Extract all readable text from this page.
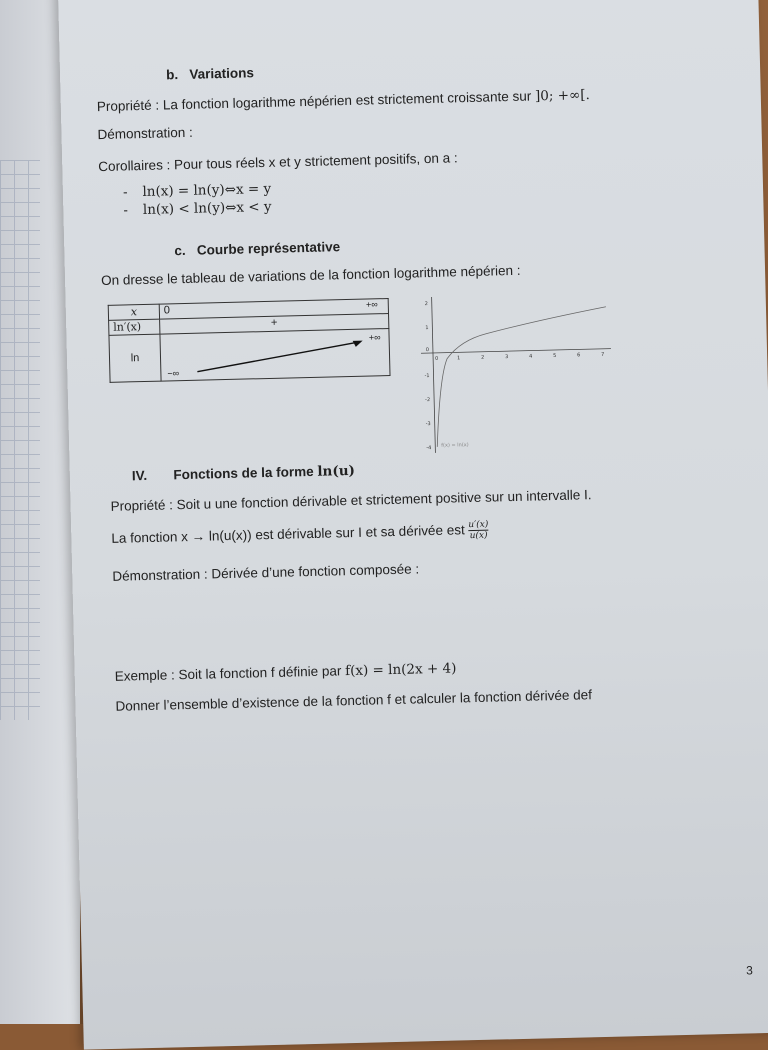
b. Variations
Propriété : La fonction logarithme népérien est strictement croissante sur ]0; +∞[.
Démonstration :
Corollaires : Pour tous réels x et y strictement positifs, on a :
- ln(x) = ln(y)⇔x = y
- ln(x) < ln(y)⇔x < y
c. Courbe représentative
On dresse le tableau de variations de la fonction logarithme népérien :
x	0 +∞

ln′(x)	+
ln	+∞
−∞
0	1	2	3	4	5	6	7
2
1
0
-1
-2
-3
-4 f(x) = ln(x)
IV. Fonctions de la forme ln(u)
Propriété : Soit u une fonction dérivable et strictement positive sur un intervalle I.
La fonction x → ln(u(x)) est dérivable sur I et sa dérivée est $\frac{u'(x)}{u(x)}$
Démonstration : Dérivée d’une fonction composée :
Exemple : Soit la fonction f définie par f(x) = ln(2x + 4)
Donner l’ensemble d’existence de la fonction f et calculer la fonction dérivée def
3
